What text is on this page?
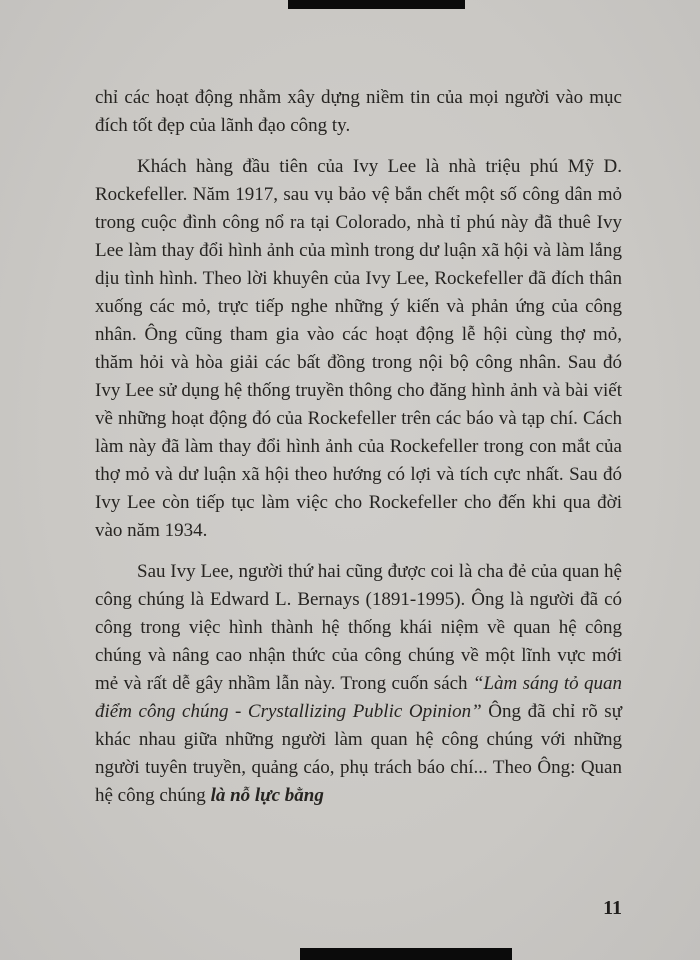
chỉ các hoạt động nhằm xây dựng niềm tin của mọi người vào mục đích tốt đẹp của lãnh đạo công ty.

Khách hàng đầu tiên của Ivy Lee là nhà triệu phú Mỹ D. Rockefeller. Năm 1917, sau vụ bảo vệ bắn chết một số công dân mỏ trong cuộc đình công nổ ra tại Colorado, nhà tỉ phú này đã thuê Ivy Lee làm thay đổi hình ảnh của mình trong dư luận xã hội và làm lắng dịu tình hình. Theo lời khuyên của Ivy Lee, Rockefeller đã đích thân xuống các mỏ, trực tiếp nghe những ý kiến và phản ứng của công nhân. Ông cũng tham gia vào các hoạt động lễ hội cùng thợ mỏ, thăm hỏi và hòa giải các bất đồng trong nội bộ công nhân. Sau đó Ivy Lee sử dụng hệ thống truyền thông cho đăng hình ảnh và bài viết về những hoạt động đó của Rockefeller trên các báo và tạp chí. Cách làm này đã làm thay đổi hình ảnh của Rockefeller trong con mắt của thợ mỏ và dư luận xã hội theo hướng có lợi và tích cực nhất. Sau đó Ivy Lee còn tiếp tục làm việc cho Rockefeller cho đến khi qua đời vào năm 1934.

Sau Ivy Lee, người thứ hai cũng được coi là cha đẻ của quan hệ công chúng là Edward L. Bernays (1891-1995). Ông là người đã có công trong việc hình thành hệ thống khái niệm về quan hệ công chúng và nâng cao nhận thức của công chúng về một lĩnh vực mới mẻ và rất dễ gây nhầm lẫn này. Trong cuốn sách “Làm sáng tỏ quan điểm công chúng - Crystallizing Public Opinion” Ông đã chỉ rõ sự khác nhau giữa những người làm quan hệ công chúng với những người tuyên truyền, quảng cáo, phụ trách báo chí... Theo Ông: Quan hệ công chúng là nỗ lực bằng

11
